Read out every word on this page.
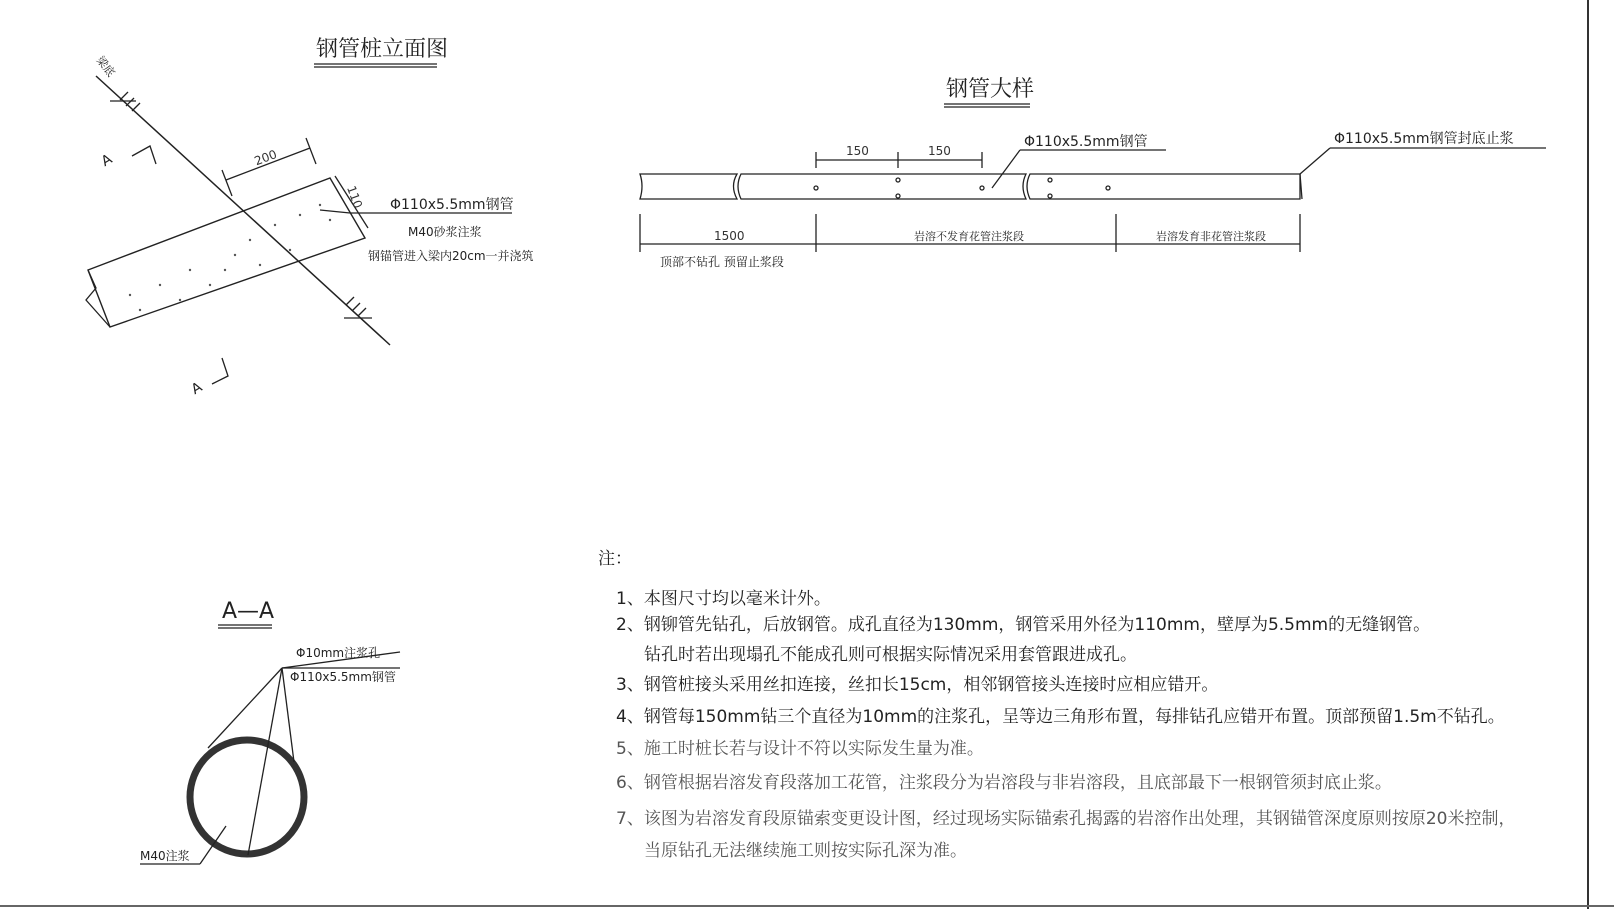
钢管桩立面图
梁底
200
110 Φ110x5.5mm钢管
M40砂浆注浆
钢锚管进入梁内20cm一并浇筑
A
A
钢管大样
150	150
Φ110x5.5mm钢管	Φ110x5.5mm钢管封底止浆
1500	岩溶不发育花管注浆段	岩溶发育非花管注浆段
顶部不钻孔 预留止浆段
A—A
Φ10mm注浆孔
Φ110x5.5mm钢管
M40注浆
注：
1、本图尺寸均以毫米计外。
2、钢铆管先钻孔，后放钢管。成孔直径为130mm，钢管采用外径为110mm，壁厚为5.5mm的无缝钢管。
钻孔时若出现塌孔不能成孔则可根据实际情况采用套管跟进成孔。
3、钢管桩接头采用丝扣连接，丝扣长15cm，相邻钢管接头连接时应相应错开。
4、钢管每150mm钻三个直径为10mm的注浆孔，呈等边三角形布置，每排钻孔应错开布置。顶部预留1.5m不钻孔。
5、施工时桩长若与设计不符以实际发生量为准。
6、钢管根据岩溶发育段落加工花管，注浆段分为岩溶段与非岩溶段，且底部最下一根钢管须封底止浆。
7、该图为岩溶发育段原锚索变更设计图，经过现场实际锚索孔揭露的岩溶作出处理，其钢锚管深度原则按原20米控制，
当原钻孔无法继续施工则按实际孔深为准。
